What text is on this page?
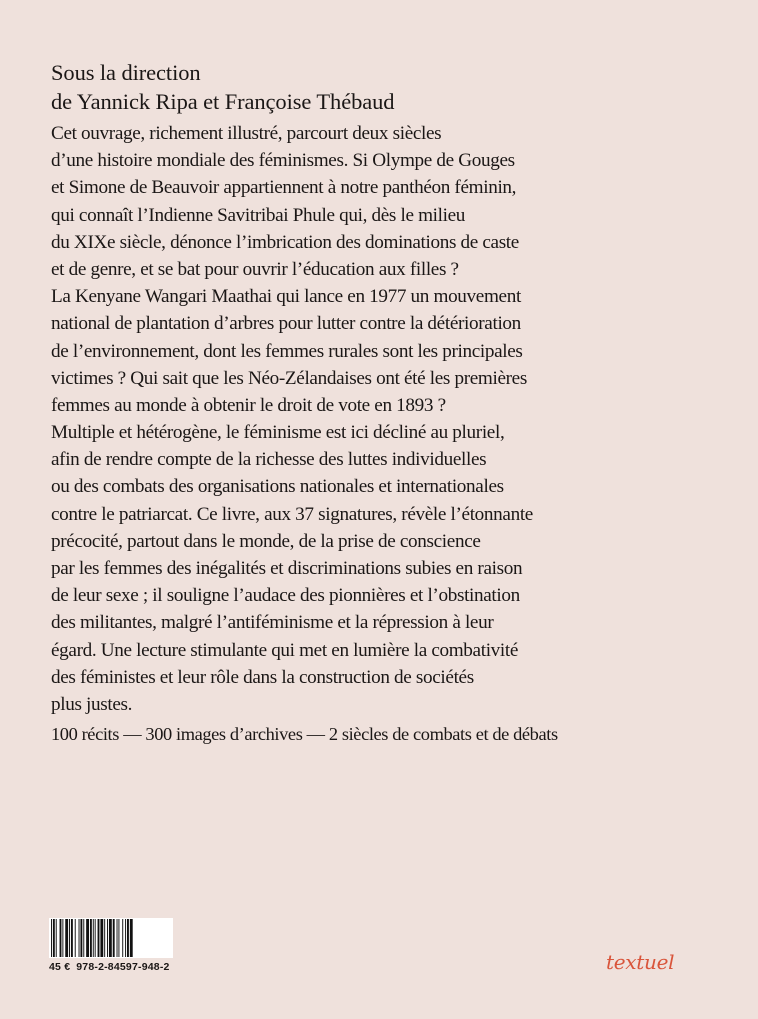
Sous la direction
de Yannick Ripa et Françoise Thébaud
Cet ouvrage, richement illustré, parcourt deux siècles
d’une histoire mondiale des féminismes. Si Olympe de Gouges
et Simone de Beauvoir appartiennent à notre panthéon féminin,
qui connaît l’Indienne Savitribai Phule qui, dès le milieu
du XIXe siècle, dénonce l’imbrication des dominations de caste
et de genre, et se bat pour ouvrir l’éducation aux filles ?
La Kenyane Wangari Maathai qui lance en 1977 un mouvement
national de plantation d’arbres pour lutter contre la détérioration
de l’environnement, dont les femmes rurales sont les principales
victimes ? Qui sait que les Néo-Zélandaises ont été les premières
femmes au monde à obtenir le droit de vote en 1893 ?
Multiple et hétérogène, le féminisme est ici décliné au pluriel,
afin de rendre compte de la richesse des luttes individuelles
ou des combats des organisations nationales et internationales
contre le patriarcat. Ce livre, aux 37 signatures, révèle l’étonnante
précocité, partout dans le monde, de la prise de conscience
par les femmes des inégalités et discriminations subies en raison
de leur sexe ; il souligne l’audace des pionnières et l’obstination
des militantes, malgré l’antiféminisme et la répression à leur
égard. Une lecture stimulante qui met en lumière la combativité
des féministes et leur rôle dans la construction de sociétés
plus justes.
100 récits — 300 images d’archives — 2 siècles de combats et de débats
45 € 978-2-84597-948-2	textuel
